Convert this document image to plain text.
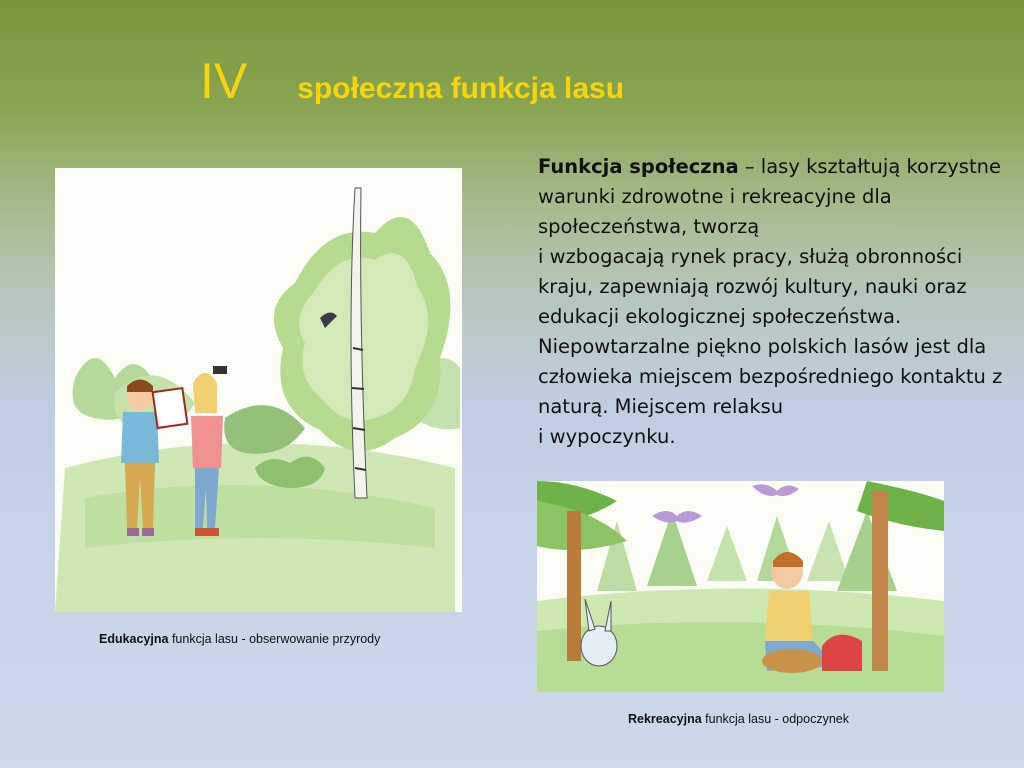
IV społeczna funkcja lasu

Funkcja społeczna – lasy kształtują korzystne warunki zdrowotne i rekreacyjne dla społeczeństwa, tworzą

i wzbogacają rynek pracy, służą obronności kraju, zapewniają rozwój kultury, nauki oraz edukacji ekologicznej społeczeństwa. Niepowtarzalne piękno polskich lasów jest dla człowieka miejscem bezpośredniego kontaktu z naturą. Miejscem relaksu

i wypoczynku.

Edukacyjna funkcja lasu - obserwowanie przyrody
Rekreacyjna funkcja lasu - odpoczynek
